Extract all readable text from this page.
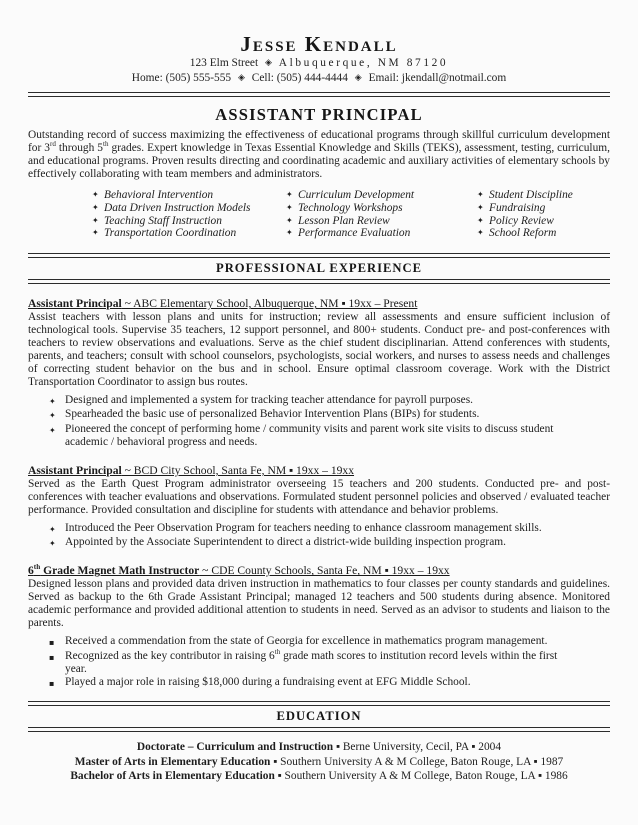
Jesse Kendall
123 Elm Street ◈ Albuquerque, NM 87120
Home: (505) 555-555 ◈ Cell: (505) 444-4444 ◈ Email: jkendall@notmail.com
ASSISTANT PRINCIPAL
Outstanding record of success maximizing the effectiveness of educational programs through skillful curriculum development for 3rd through 5th grades. Expert knowledge in Texas Essential Knowledge and Skills (TEKS), assessment, testing, curriculum, and educational programs. Proven results directing and coordinating academic and auxiliary activities of elementary schools by effectively collaborating with team members and administrators.
✦ Behavioral Intervention
✦ Data Driven Instruction Models
✦ Teaching Staff Instruction
✦ Transportation Coordination
✦ Curriculum Development
✦ Technology Workshops
✦ Lesson Plan Review
✦ Performance Evaluation
✦ Student Discipline
✦ Fundraising
✦ Policy Review
✦ School Reform
PROFESSIONAL EXPERIENCE
Assistant Principal ~ ABC Elementary School, Albuquerque, NM ▪ 19xx – Present
Assist teachers with lesson plans and units for instruction; review all assessments and ensure sufficient inclusion of technological tools. Supervise 35 teachers, 12 support personnel, and 800+ students. Conduct pre- and post-conferences with teachers to review observations and evaluations. Serve as the chief student disciplinarian. Attend conferences with students, parents, and teachers; consult with school counselors, psychologists, social workers, and nurses to assess needs and challenges of correcting student behavior on the bus and in school. Ensure optimal classroom coverage. Work with the District Transportation Coordinator to assign bus routes.
✦ Designed and implemented a system for tracking teacher attendance for payroll purposes.
✦ Spearheaded the basic use of personalized Behavior Intervention Plans (BIPs) for students.
✦ Pioneered the concept of performing home / community visits and parent work site visits to discuss student academic / behavioral progress and needs.
Assistant Principal ~ BCD City School, Santa Fe, NM ▪ 19xx – 19xx
Served as the Earth Quest Program administrator overseeing 15 teachers and 200 students. Conducted pre- and post-conferences with teacher evaluations and observations. Formulated student personnel policies and observed / evaluated teacher performance. Provided consultation and discipline for students with attendance and behavior problems.
✦ Introduced the Peer Observation Program for teachers needing to enhance classroom management skills.
✦ Appointed by the Associate Superintendent to direct a district-wide building inspection program.
6th Grade Magnet Math Instructor ~ CDE County Schools, Santa Fe, NM ▪ 19xx – 19xx
Designed lesson plans and provided data driven instruction in mathematics to four classes per county standards and guidelines. Served as backup to the 6th Grade Assistant Principal; managed 12 teachers and 500 students during absence. Monitored academic performance and provided additional attention to students in need. Served as an advisor to students and liaison to the parents.
▪ Received a commendation from the state of Georgia for excellence in mathematics program management.
▪ Recognized as the key contributor in raising 6th grade math scores to institution record levels within the first year.
▪ Played a major role in raising $18,000 during a fundraising event at EFG Middle School.
EDUCATION
Doctorate – Curriculum and Instruction ▪ Berne University, Cecil, PA ▪ 2004
Master of Arts in Elementary Education ▪ Southern University A & M College, Baton Rouge, LA ▪ 1987
Bachelor of Arts in Elementary Education ▪ Southern University A & M College, Baton Rouge, LA ▪ 1986
